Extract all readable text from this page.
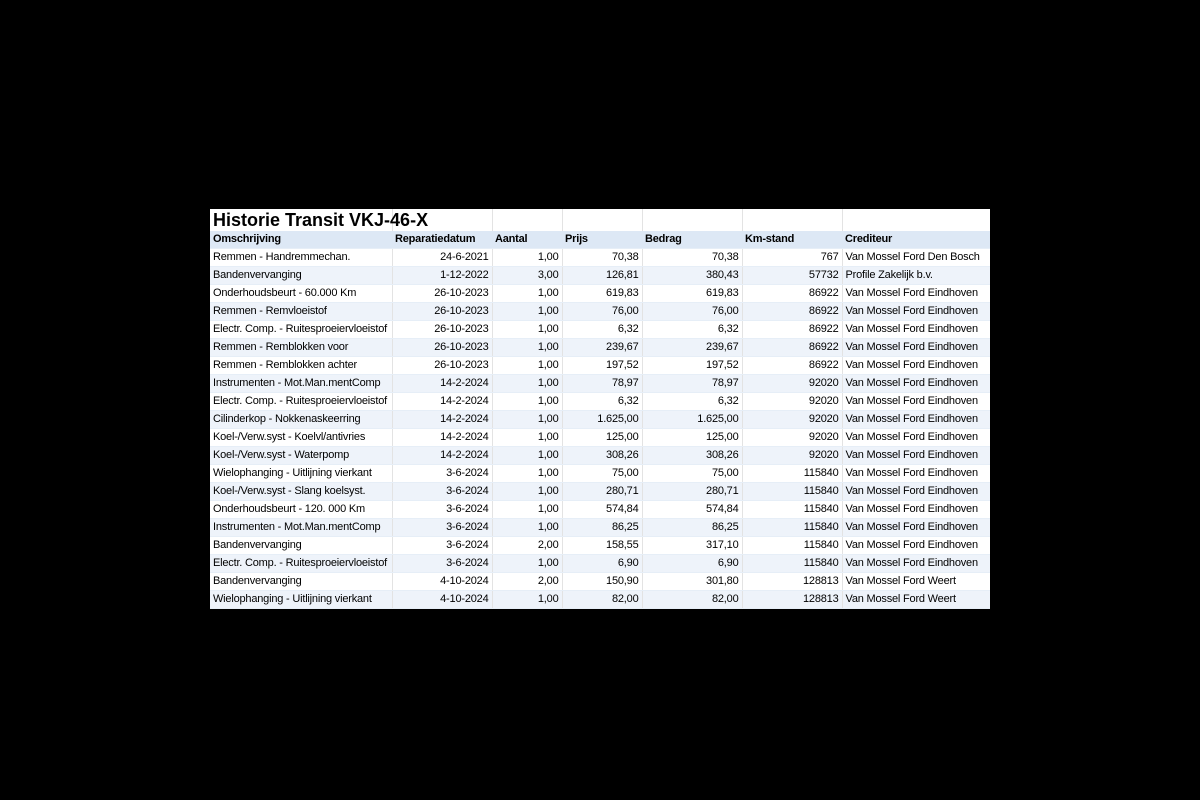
Historie Transit VKJ-46-X						
Omschrijving	Reparatiedatum	Aantal	Prijs	Bedrag	Km-stand	Crediteur
Remmen - Handremmechan.	24-6-2021	1,00	70,38	70,38	767	Van Mossel Ford Den Bosch
Bandenvervanging	1-12-2022	3,00	126,81	380,43	57732	Profile Zakelijk b.v.
Onderhoudsbeurt - 60.000 Km	26-10-2023	1,00	619,83	619,83	86922	Van Mossel Ford Eindhoven
Remmen - Remvloeistof	26-10-2023	1,00	76,00	76,00	86922	Van Mossel Ford Eindhoven
Electr. Comp. - Ruitesproeiervloeistof	26-10-2023	1,00	6,32	6,32	86922	Van Mossel Ford Eindhoven
Remmen - Remblokken voor	26-10-2023	1,00	239,67	239,67	86922	Van Mossel Ford Eindhoven
Remmen - Remblokken achter	26-10-2023	1,00	197,52	197,52	86922	Van Mossel Ford Eindhoven
Instrumenten - Mot.Man.mentComp	14-2-2024	1,00	78,97	78,97	92020	Van Mossel Ford Eindhoven
Electr. Comp. - Ruitesproeiervloeistof	14-2-2024	1,00	6,32	6,32	92020	Van Mossel Ford Eindhoven
Cilinderkop - Nokkenaskeerring	14-2-2024	1,00	1.625,00	1.625,00	92020	Van Mossel Ford Eindhoven
Koel-/Verw.syst - Koelvl/antivries	14-2-2024	1,00	125,00	125,00	92020	Van Mossel Ford Eindhoven
Koel-/Verw.syst - Waterpomp	14-2-2024	1,00	308,26	308,26	92020	Van Mossel Ford Eindhoven
Wielophanging - Uitlijning vierkant	3-6-2024	1,00	75,00	75,00	115840	Van Mossel Ford Eindhoven
Koel-/Verw.syst - Slang koelsyst.	3-6-2024	1,00	280,71	280,71	115840	Van Mossel Ford Eindhoven
Onderhoudsbeurt - 120. 000 Km	3-6-2024	1,00	574,84	574,84	115840	Van Mossel Ford Eindhoven
Instrumenten - Mot.Man.mentComp	3-6-2024	1,00	86,25	86,25	115840	Van Mossel Ford Eindhoven
Bandenvervanging	3-6-2024	2,00	158,55	317,10	115840	Van Mossel Ford Eindhoven
Electr. Comp. - Ruitesproeiervloeistof	3-6-2024	1,00	6,90	6,90	115840	Van Mossel Ford Eindhoven
Bandenvervanging	4-10-2024	2,00	150,90	301,80	128813	Van Mossel Ford Weert
Wielophanging - Uitlijning vierkant	4-10-2024	1,00	82,00	82,00	128813	Van Mossel Ford Weert
